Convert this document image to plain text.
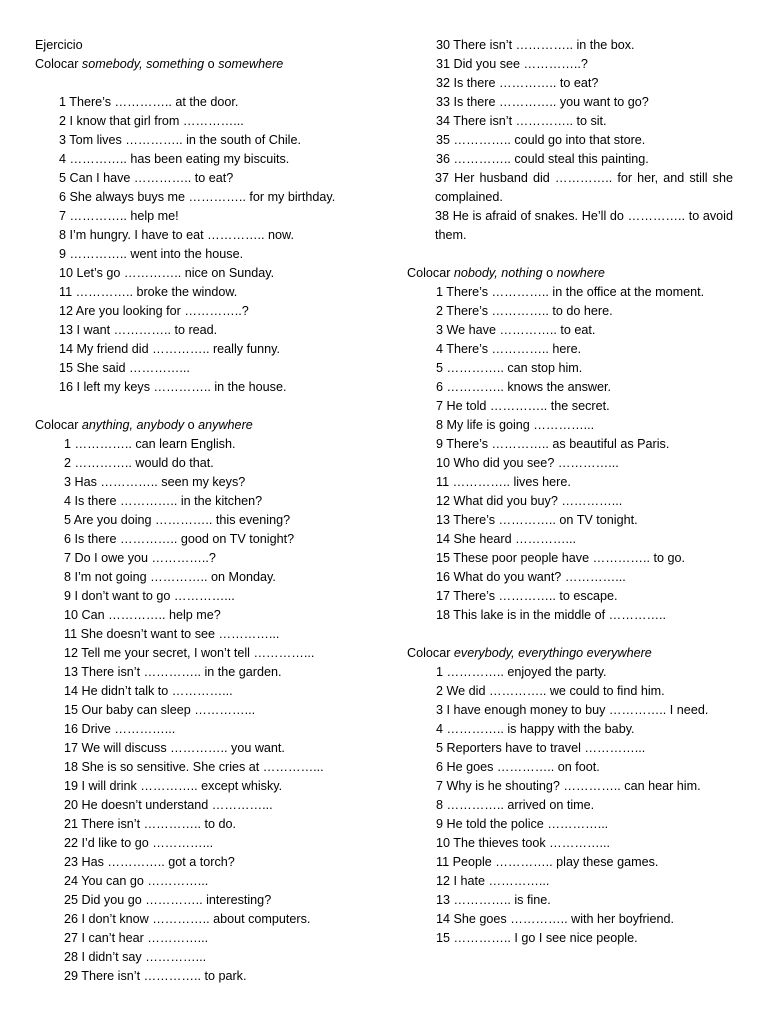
Ejercicio

Colocar somebody, something o somewhere

1 There’s ………….. at the door.

2 I know that girl from …………...

3 Tom lives ………….. in the south of Chile.

4 ………….. has been eating my biscuits.

5 Can I have ………….. to eat?

6 She always buys me ………….. for my birthday.

7 ………….. help me!

8 I’m hungry. I have to eat ………….. now.

9 ………….. went into the house.

10 Let’s go ………….. nice on Sunday.

11 ………….. broke the window.

12 Are you looking for …………..?

13 I want ………….. to read.

14 My friend did ………….. really funny.

15 She said …………...

16 I left my keys ………….. in the house.

Colocar anything, anybody o anywhere

1 ………….. can learn English.

2 ………….. would do that.

3 Has ………….. seen my keys?

4 Is there ………….. in the kitchen?

5 Are you doing ………….. this evening?

6 Is there ………….. good on TV tonight?

7 Do I owe you …………..?

8 I’m not going ………….. on Monday.

9 I don’t want to go …………...

10 Can ………….. help me?

11 She doesn’t want to see …………...

12 Tell me your secret, I won’t tell …………...

13 There isn’t ………….. in the garden.

14 He didn’t talk to …………...

15 Our baby can sleep …………...

16 Drive …………...

17 We will discuss ………….. you want.

18 She is so sensitive. She cries at …………...

19 I will drink ………….. except whisky.

20 He doesn’t understand …………...

21 There isn’t ………….. to do.

22 I’d like to go …………...

23 Has ………….. got a torch?

24 You can go …………...

25 Did you go ………….. interesting?

26 I don’t know ………….. about computers.

27 I can’t hear …………...

28 I didn’t say …………...

29 There isn’t ………….. to park.

30 There isn’t ………….. in the box.

31 Did you see …………..?

32 Is there ………….. to eat?

33 Is there ………….. you want to go?

34 There isn’t ………….. to sit.

35 ………….. could go into that store.

36 ………….. could steal this painting.

37 Her husband did ………….. for her, and still she complained.

38 He is afraid of snakes. He’ll do ………….. to avoid them.

Colocar nobody, nothing o nowhere

1 There’s ………….. in the office at the moment.

2 There’s ………….. to do here.

3 We have ………….. to eat.

4 There’s ………….. here.

5 ………….. can stop him.

6 ………….. knows the answer.

7 He told ………….. the secret.

8 My life is going …………...

9 There’s ………….. as beautiful as Paris.

10 Who did you see? …………...

11 ………….. lives here.

12 What did you buy? …………...

13 There’s ………….. on TV tonight.

14 She heard …………...

15 These poor people have ………….. to go.

16 What do you want? …………...

17 There’s ………….. to escape.

18 This lake is in the middle of …………..

Colocar everybody, everythingo everywhere

1 ………….. enjoyed the party.

2 We did ………….. we could to find him.

3 I have enough money to buy ………….. I need.

4 ………….. is happy with the baby.

5 Reporters have to travel …………...

6 He goes ………….. on foot.

7 Why is he shouting? ………….. can hear him.

8 ………….. arrived on time.

9 He told the police …………...

10 The thieves took …………...

11 People ………….. play these games.

12 I hate …………...

13 ………….. is fine.

14 She goes ………….. with her boyfriend.

15 ………….. I go I see nice people.
